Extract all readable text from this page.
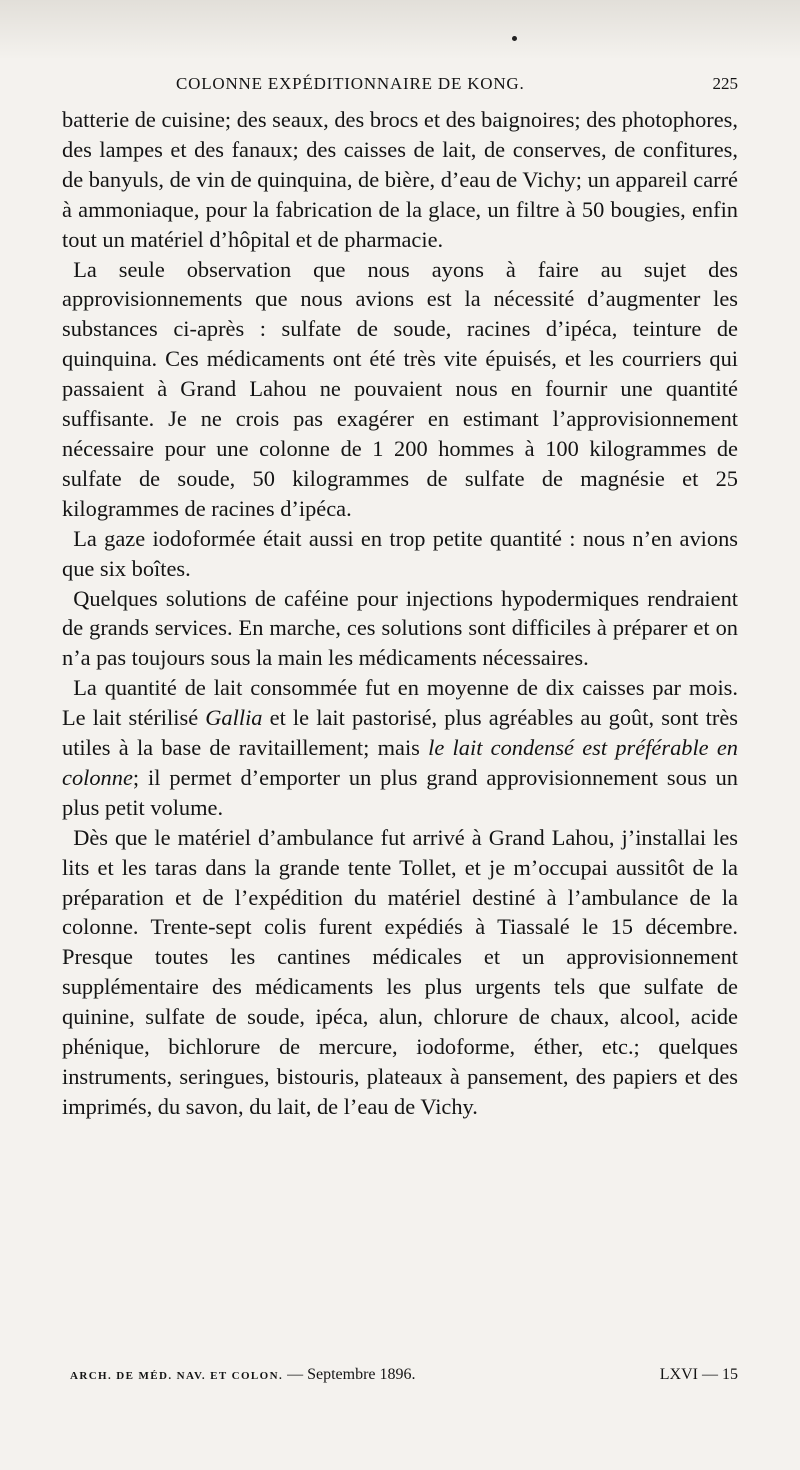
COLONNE EXPÉDITIONNAIRE DE KONG.	225

batterie de cuisine; des seaux, des brocs et des baignoires; des photophores, des lampes et des fanaux; des caisses de lait, de conserves, de confitures, de banyuls, de vin de quinquina, de bière, d’eau de Vichy; un appareil carré à ammoniaque, pour la fabrication de la glace, un filtre à 50 bougies, enfin tout un matériel d’hôpital et de pharmacie.

La seule observation que nous ayons à faire au sujet des approvisionnements que nous avions est la nécessité d’augmenter les substances ci-après : sulfate de soude, racines d’ipéca, teinture de quinquina. Ces médicaments ont été très vite épuisés, et les courriers qui passaient à Grand Lahou ne pouvaient nous en fournir une quantité suffisante. Je ne crois pas exagérer en estimant l’approvisionnement nécessaire pour une colonne de 1 200 hommes à 100 kilogrammes de sulfate de soude, 50 kilogrammes de sulfate de magnésie et 25 kilogrammes de racines d’ipéca.

La gaze iodoformée était aussi en trop petite quantité : nous n’en avions que six boîtes.

Quelques solutions de caféine pour injections hypodermiques rendraient de grands services. En marche, ces solutions sont difficiles à préparer et on n’a pas toujours sous la main les médicaments nécessaires.

La quantité de lait consommée fut en moyenne de dix caisses par mois. Le lait stérilisé Gallia et le lait pastorisé, plus agréables au goût, sont très utiles à la base de ravitaillement; mais le lait condensé est préférable en colonne; il permet d’emporter un plus grand approvisionnement sous un plus petit volume.

Dès que le matériel d’ambulance fut arrivé à Grand Lahou, j’installai les lits et les taras dans la grande tente Tollet, et je m’occupai aussitôt de la préparation et de l’expédition du matériel destiné à l’ambulance de la colonne. Trente-sept colis furent expédiés à Tiassalé le 15 décembre. Presque toutes les cantines médicales et un approvisionnement supplémentaire des médicaments les plus urgents tels que sulfate de quinine, sulfate de soude, ipéca, alun, chlorure de chaux, alcool, acide phénique, bichlorure de mercure, iodoforme, éther, etc.; quelques instruments, seringues, bistouris, plateaux à pansement, des papiers et des imprimés, du savon, du lait, de l’eau de Vichy.

ARCH. DE MÉD. NAV. ET COLON. — Septembre 1896.	LXVI — 15
